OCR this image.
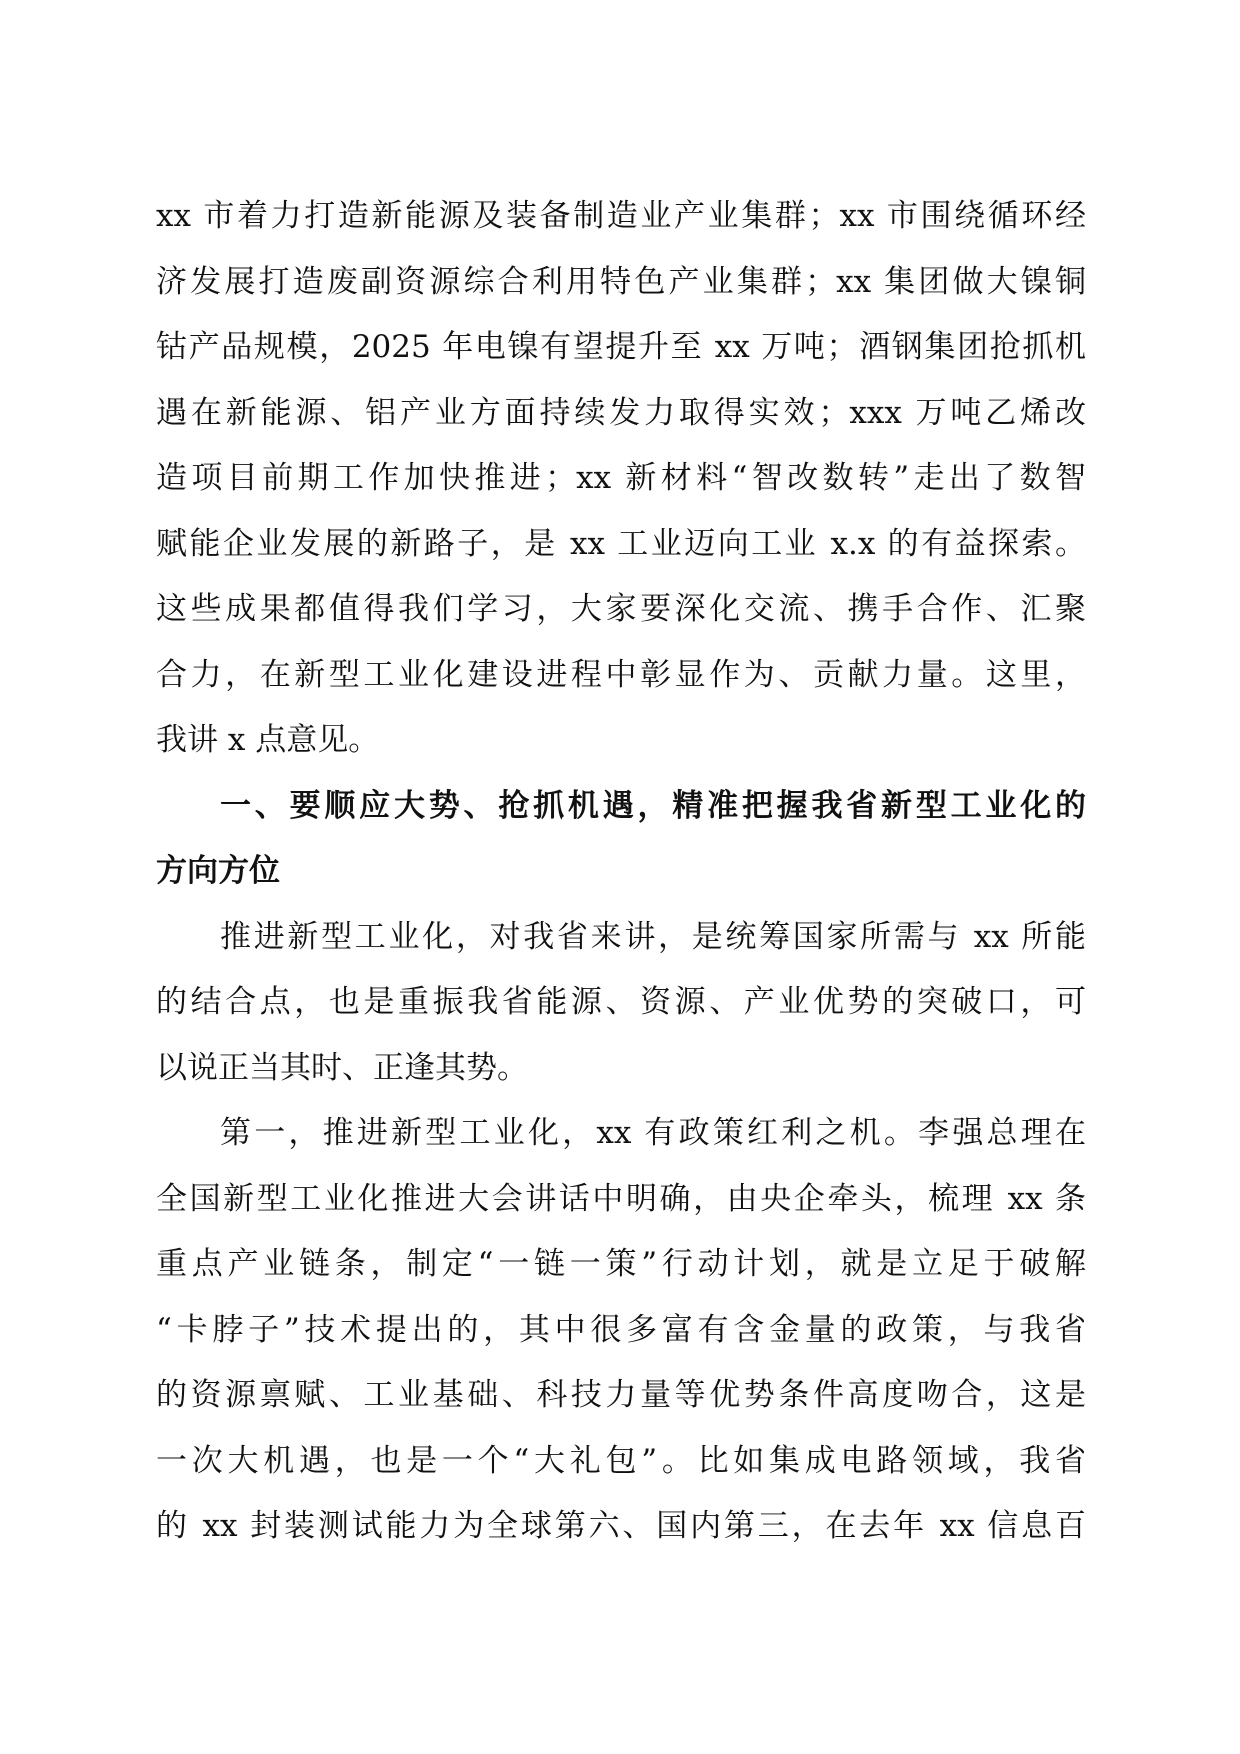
xx 市着力打造新能源及装备制造业产业集群；xx 市围绕循环经
济发展打造废副资源综合利用特色产业集群；xx 集团做大镍铜
钴产品规模，2025 年电镍有望提升至 xx 万吨；酒钢集团抢抓机
遇在新能源、铝产业方面持续发力取得实效；xxx 万吨乙烯改
造项目前期工作加快推进；xx 新材料“智改数转”走出了数智
赋能企业发展的新路子，是 xx 工业迈向工业 x.x 的有益探索。
这些成果都值得我们学习，大家要深化交流、携手合作、汇聚
合力，在新型工业化建设进程中彰显作为、贡献力量。这里，
我讲 x 点意见。
一、要顺应大势、抢抓机遇，精准把握我省新型工业化的
方向方位
推进新型工业化，对我省来讲，是统筹国家所需与 xx 所能
的结合点，也是重振我省能源、资源、产业优势的突破口，可
以说正当其时、正逢其势。
第一，推进新型工业化，xx 有政策红利之机。李强总理在
全国新型工业化推进大会讲话中明确，由央企牵头，梳理 xx 条
重点产业链条，制定“一链一策”行动计划，就是立足于破解
“卡脖子”技术提出的，其中很多富有含金量的政策，与我省
的资源禀赋、工业基础、科技力量等优势条件高度吻合，这是
一次大机遇，也是一个“大礼包”。比如集成电路领域，我省
的 xx 封装测试能力为全球第六、国内第三，在去年 xx 信息百
